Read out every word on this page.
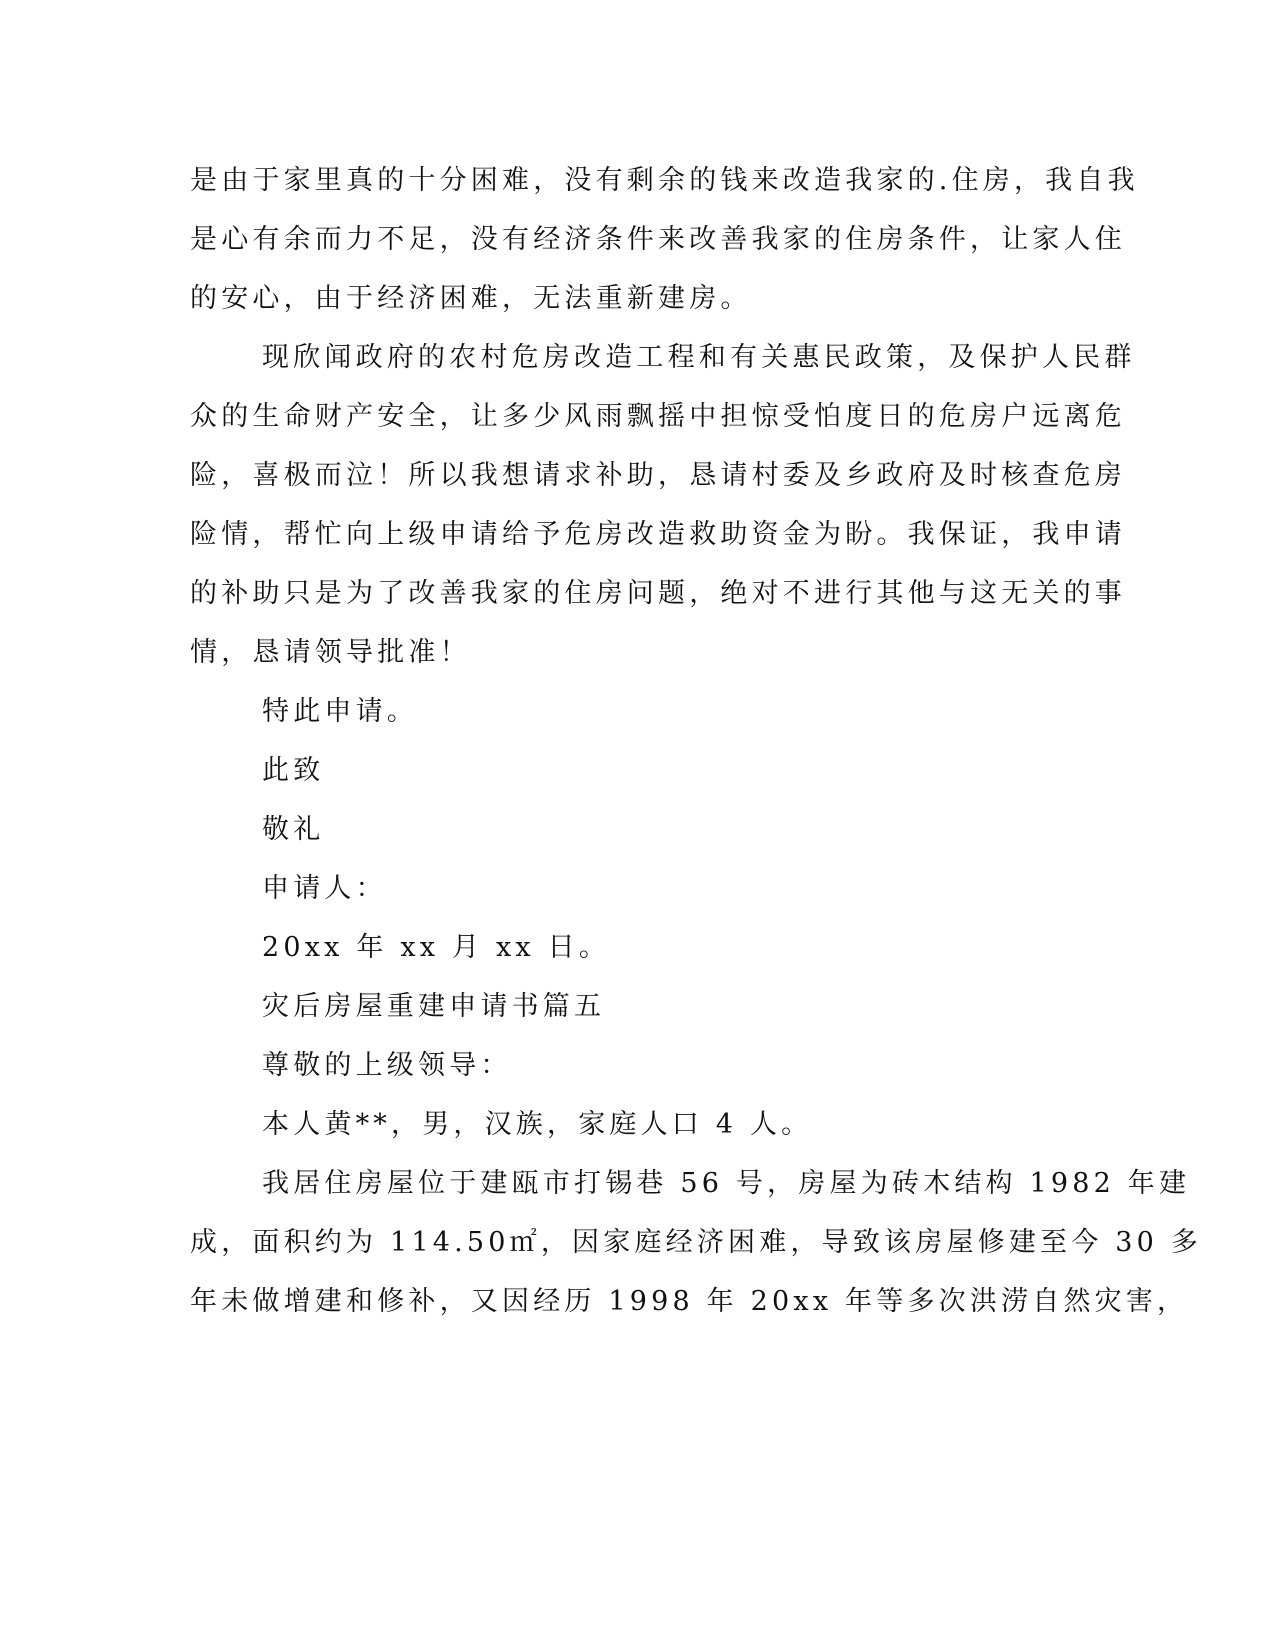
是由于家里真的十分困难，没有剩余的钱来改造我家的.住房，我自我
是心有余而力不足，没有经济条件来改善我家的住房条件，让家人住
的安心，由于经济困难，无法重新建房。
现欣闻政府的农村危房改造工程和有关惠民政策，及保护人民群
众的生命财产安全，让多少风雨飘摇中担惊受怕度日的危房户远离危
险，喜极而泣！所以我想请求补助，恳请村委及乡政府及时核查危房
险情，帮忙向上级申请给予危房改造救助资金为盼。我保证，我申请
的补助只是为了改善我家的住房问题，绝对不进行其他与这无关的事
情，恳请领导批准！
特此申请。
此致
敬礼
申请人：
20xx 年 xx 月 xx 日。
灾后房屋重建申请书篇五
尊敬的上级领导：
本人黄**，男，汉族，家庭人口 4 人。
我居住房屋位于建瓯市打锡巷 56 号，房屋为砖木结构 1982 年建
成，面积约为 114.50㎡，因家庭经济困难，导致该房屋修建至今 30 多
年未做增建和修补，又因经历 1998 年 20xx 年等多次洪涝自然灾害，
